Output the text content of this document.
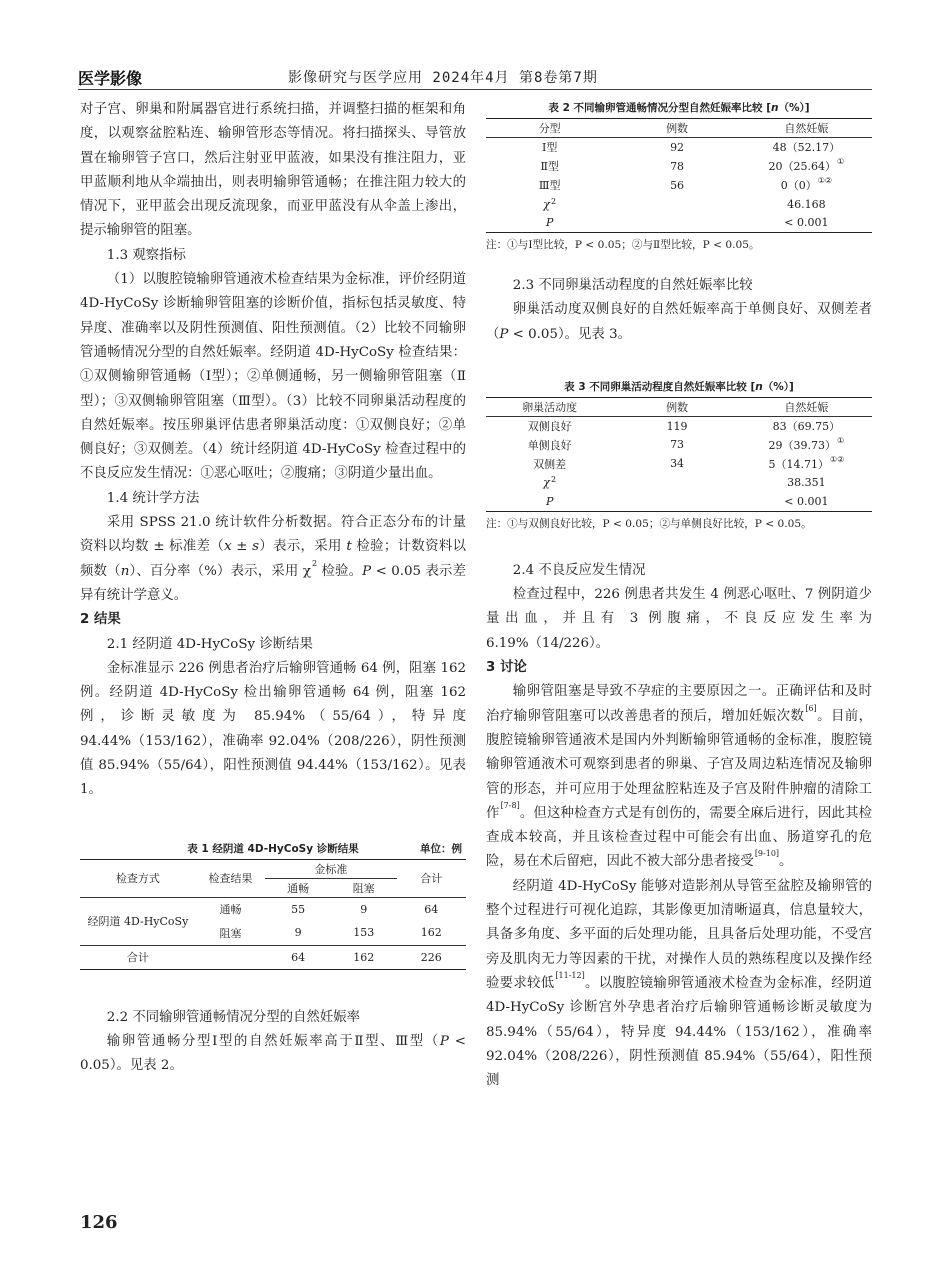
医学影像	影像研究与医学应用 2024年4月 第8卷第7期

对子宫、卵巢和附属器官进行系统扫描，并调整扫描的框架和角度，以观察盆腔粘连、输卵管形态等情况。将扫描探头、导管放置在输卵管子宫口，然后注射亚甲蓝液，如果没有推注阻力，亚甲蓝顺利地从伞端抽出，则表明输卵管通畅；在推注阻力较大的情况下，亚甲蓝会出现反流现象，而亚甲蓝没有从伞盖上渗出，提示输卵管的阻塞。

1.3 观察指标

（1）以腹腔镜输卵管通液术检查结果为金标准，评价经阴道 4D-HyCoSy 诊断输卵管阻塞的诊断价值，指标包括灵敏度、特异度、准确率以及阴性预测值、阳性预测值。（2）比较不同输卵管通畅情况分型的自然妊娠率。经阴道 4D-HyCoSy 检查结果：①双侧输卵管通畅（Ⅰ型）；②单侧通畅，另一侧输卵管阻塞（Ⅱ型）；③双侧输卵管阻塞（Ⅲ型）。（3）比较不同卵巢活动程度的自然妊娠率。按压卵巢评估患者卵巢活动度：①双侧良好；②单侧良好；③双侧差。（4）统计经阴道 4D-HyCoSy 检查过程中的不良反应发生情况：①恶心呕吐；②腹痛；③阴道少量出血。

1.4 统计学方法

采用 SPSS 21.0 统计软件分析数据。符合正态分布的计量资料以均数 ± 标准差（x ± s）表示，采用 t 检验；计数资料以频数（n）、百分率（%）表示，采用 $\chi^2$ 检验。P < 0.05 表示差异有统计学意义。

2 结果
2.1 经阴道 4D-HyCoSy 诊断结果

金标准显示 226 例患者治疗后输卵管通畅 64 例，阻塞 162 例。经阴道 4D-HyCoSy 检出输卵管通畅 64 例，阻塞 162 例，诊断灵敏度为 85.94%（55/64），特异度 94.44%（153/162），准确率 92.04%（208/226），阴性预测值 85.94%（55/64），阳性预测值 94.44%（153/162）。见表 1。

表 1 经阴道 4D-HyCoSy 诊断结果	单位：例
检查方式	检查结果	金标准		合计
		通畅	阻塞	
经阴道 4D-HyCoSy	通畅	55	9	64
	阻塞	9	153	162
合计		64	162	226
2.2 不同输卵管通畅情况分型的自然妊娠率

输卵管通畅分型Ⅰ型的自然妊娠率高于Ⅱ型、Ⅲ型（P < 0.05）。见表 2。

126
表 2 不同输卵管通畅情况分型自然妊娠率比较 [n（%）]
分型	例数	自然妊娠
Ⅰ型	92	48（52.17）
Ⅱ型	78	20（25.64）①
Ⅲ型	56	0（0）①②
$\chi^2$		46.168
P		< 0.001
注：①与Ⅰ型比较，P < 0.05；②与Ⅱ型比较，P < 0.05。
2.3 不同卵巢活动程度的自然妊娠率比较

卵巢活动度双侧良好的自然妊娠率高于单侧良好、双侧差者（P < 0.05）。见表 3。

表 3 不同卵巢活动程度自然妊娠率比较 [n（%）]
卵巢活动度	例数	自然妊娠
双侧良好	119	83（69.75）
单侧良好	73	29（39.73）①
双侧差	34	5（14.71）①②
$\chi^2$		38.351
P		< 0.001
注：①与双侧良好比较，P < 0.05；②与单侧良好比较，P < 0.05。
2.4 不良反应发生情况

检查过程中，226 例患者共发生 4 例恶心呕吐、7 例阴道少量出血，并且有 3 例腹痛，不良反应发生率为 6.19%（14/226）。

3 讨论

输卵管阻塞是导致不孕症的主要原因之一。正确评估和及时治疗输卵管阻塞可以改善患者的预后，增加妊娠次数[6]。目前，腹腔镜输卵管通液术是国内外判断输卵管通畅的金标准，腹腔镜输卵管通液术可观察到患者的卵巢、子宫及周边粘连情况及输卵管的形态，并可应用于处理盆腔粘连及子宫及附件肿瘤的清除工作[7-8]。但这种检查方式是有创伤的，需要全麻后进行，因此其检查成本较高，并且该检查过程中可能会有出血、肠道穿孔的危险，易在术后留疤，因此不被大部分患者接受[9-10]。

经阴道 4D-HyCoSy 能够对造影剂从导管至盆腔及输卵管的整个过程进行可视化追踪，其影像更加清晰逼真，信息量较大，具备多角度、多平面的后处理功能，且具备后处理功能，不受宫旁及肌肉无力等因素的干扰，对操作人员的熟练程度以及操作经验要求较低[11-12]。以腹腔镜输卵管通液术检查为金标准，经阴道 4D-HyCoSy 诊断宫外孕患者治疗后输卵管通畅诊断灵敏度为 85.94%（55/64），特异度 94.44%（153/162），准确率 92.04%（208/226），阴性预测值 85.94%（55/64），阳性预测
